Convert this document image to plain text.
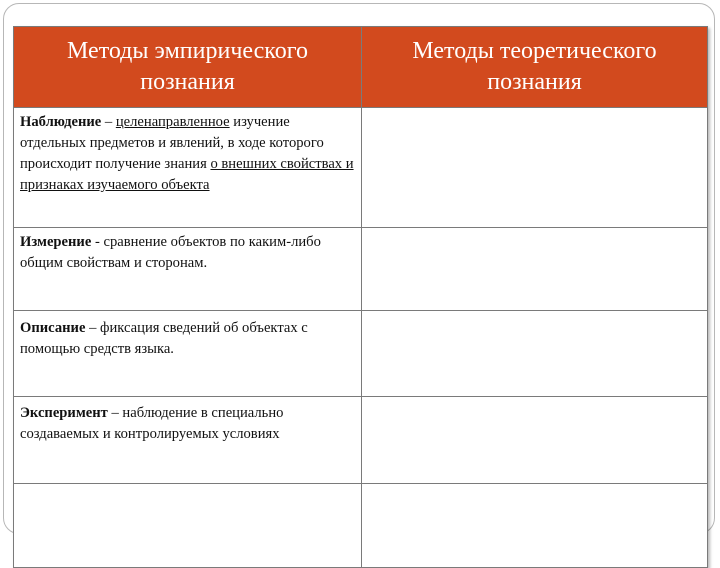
Методы эмпирического познания	Методы теоретического познания
Наблюдение – целенаправленное изучение отдельных предметов и явлений, в ходе которого происходит получение знания о внешних свойствах и признаках изучаемого объекта	
Измерение - сравнение объектов по каким-либо общим свойствам и сторонам.	
Описание – фиксация сведений об объектах с помощью средств языка.	
Эксперимент – наблюдение в специально создаваемых и контролируемых условиях	
